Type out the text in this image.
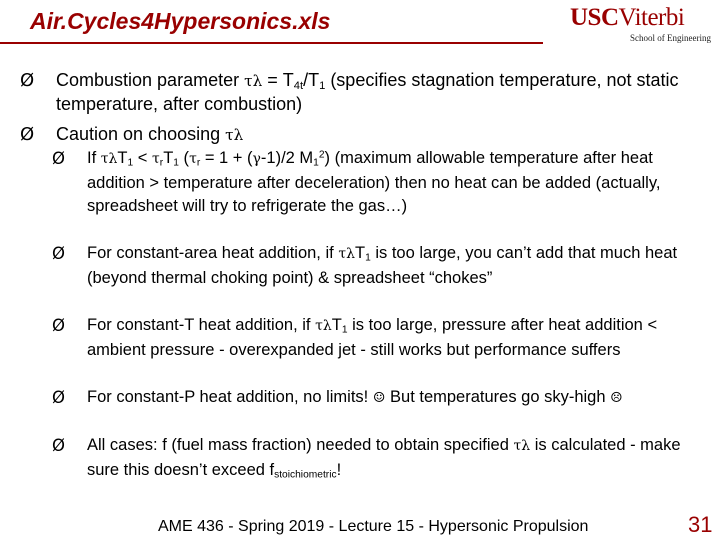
Air.Cycles4Hypersonics.xls	USCViterbi
School of Engineering
Ø Combustion parameter $\tau\lambda = T_{4t}/T_1$ (specifies stagnation temperature, not static temperature, after combustion)
Ø Caution on choosing τλ
Ø If $\tau\lambda T_1 < \tau_rT_1$ ($\tau_r = 1 + (\gamma-1)/2$ $M_1^2$) (maximum allowable temperature after heat addition > temperature after deceleration) then no heat can be added (actually, spreadsheet will try to refrigerate the gas…)
Ø For constant-area heat addition, if τλT$_1$ is too large, you can’t add that much heat (beyond thermal choking point) & spreadsheet “chokes”
Ø For constant-T heat addition, if τλT$_1$ is too large, pressure after heat addition < ambient pressure - overexpanded jet - still works but performance suffers
Ø For constant-P heat addition, no limits! ☺ But temperatures go sky-high ☹
Ø All cases: f (fuel mass fraction) needed to obtain specified τλ is calculated - make sure this doesn’t exceed $f_{stoichiometric}$!
AME 436 - Spring 2019 - Lecture 15 - Hypersonic Propulsion	31
